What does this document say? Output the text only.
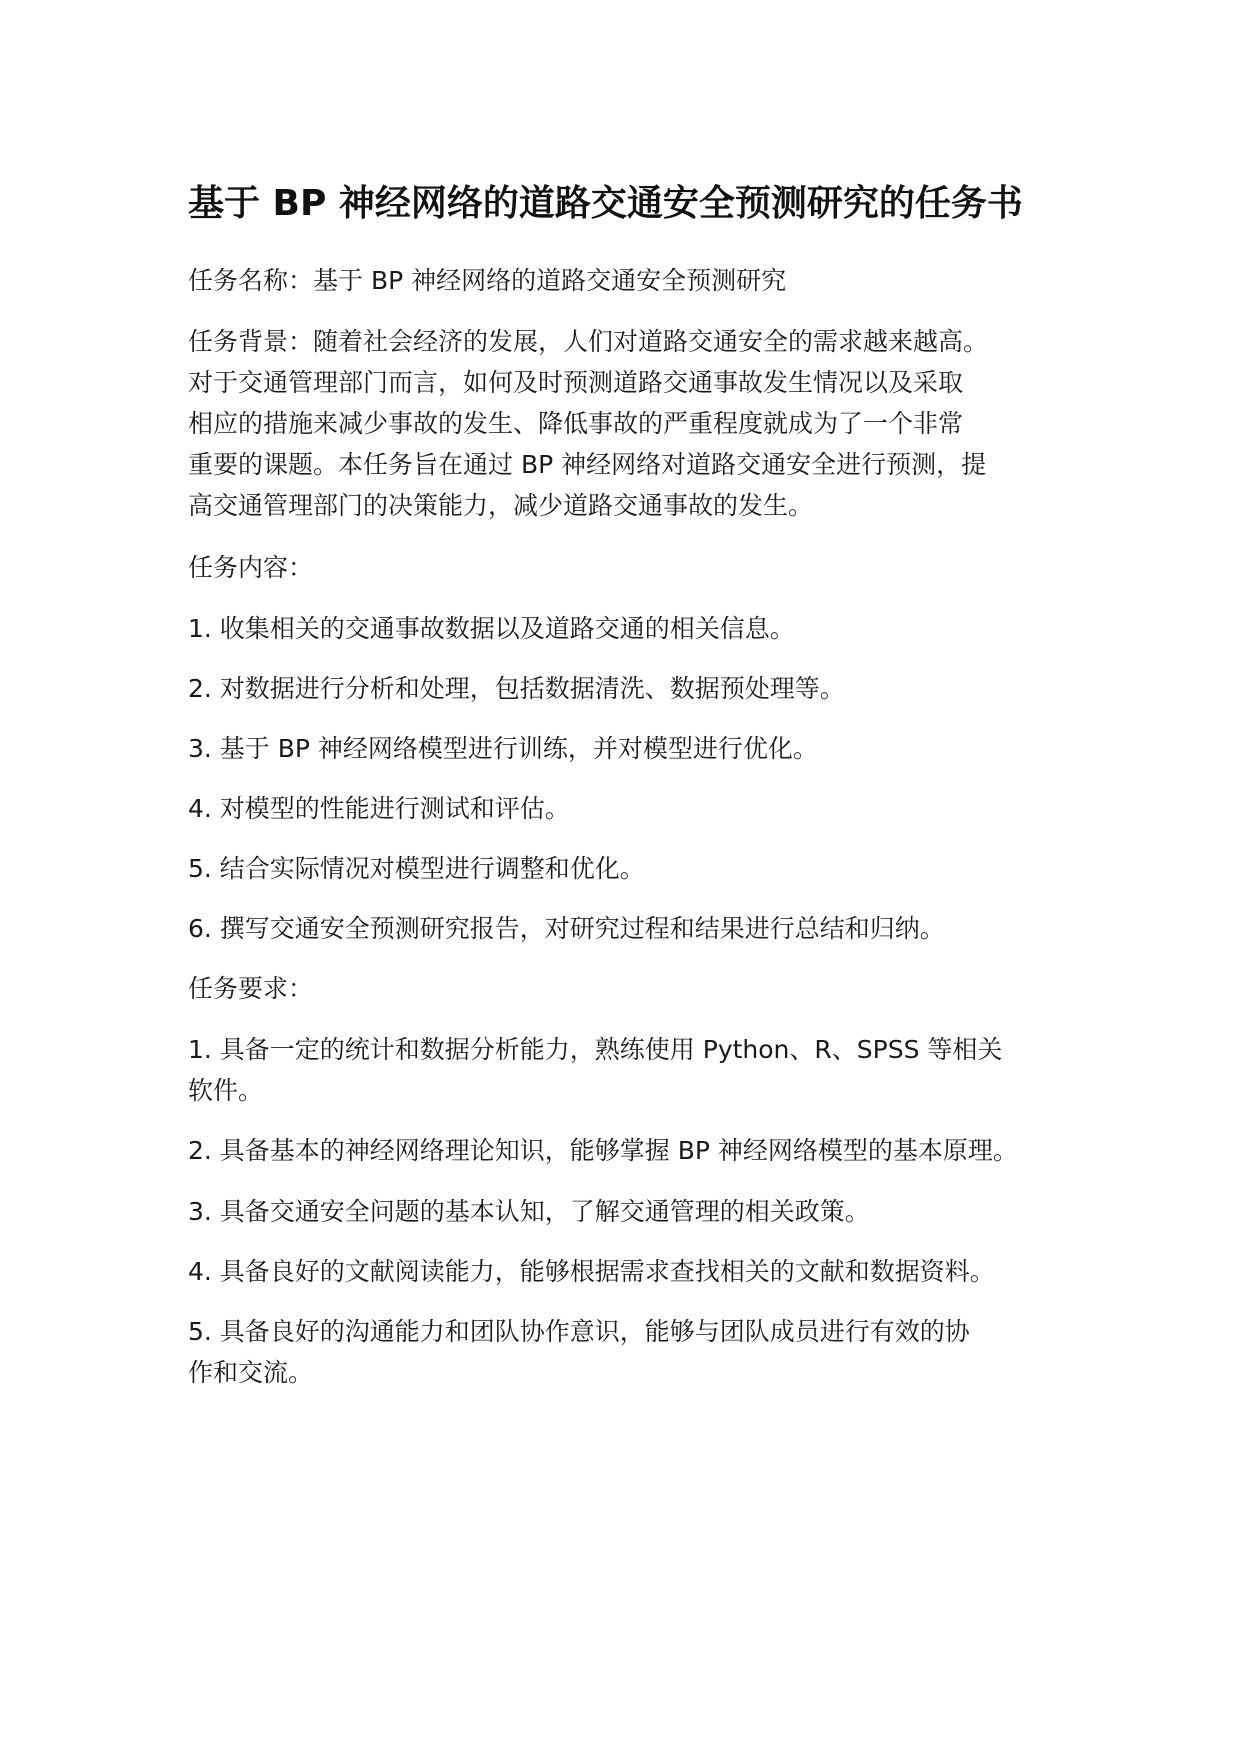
基于 BP 神经网络的道路交通安全预测研究的任务书

任务名称：基于 BP 神经网络的道路交通安全预测研究

任务背景：随着社会经济的发展，人们对道路交通安全的需求越来越高。
对于交通管理部门而言，如何及时预测道路交通事故发生情况以及采取
相应的措施来减少事故的发生、降低事故的严重程度就成为了一个非常
重要的课题。本任务旨在通过 BP 神经网络对道路交通安全进行预测，提
高交通管理部门的决策能力，减少道路交通事故的发生。

任务内容：

1. 收集相关的交通事故数据以及道路交通的相关信息。

2. 对数据进行分析和处理，包括数据清洗、数据预处理等。

3. 基于 BP 神经网络模型进行训练，并对模型进行优化。

4. 对模型的性能进行测试和评估。

5. 结合实际情况对模型进行调整和优化。

6. 撰写交通安全预测研究报告，对研究过程和结果进行总结和归纳。

任务要求：

1. 具备一定的统计和数据分析能力，熟练使用 Python、R、SPSS 等相关
软件。

2. 具备基本的神经网络理论知识，能够掌握 BP 神经网络模型的基本原理。

3. 具备交通安全问题的基本认知，了解交通管理的相关政策。

4. 具备良好的文献阅读能力，能够根据需求查找相关的文献和数据资料。

5. 具备良好的沟通能力和团队协作意识，能够与团队成员进行有效的协
作和交流。
